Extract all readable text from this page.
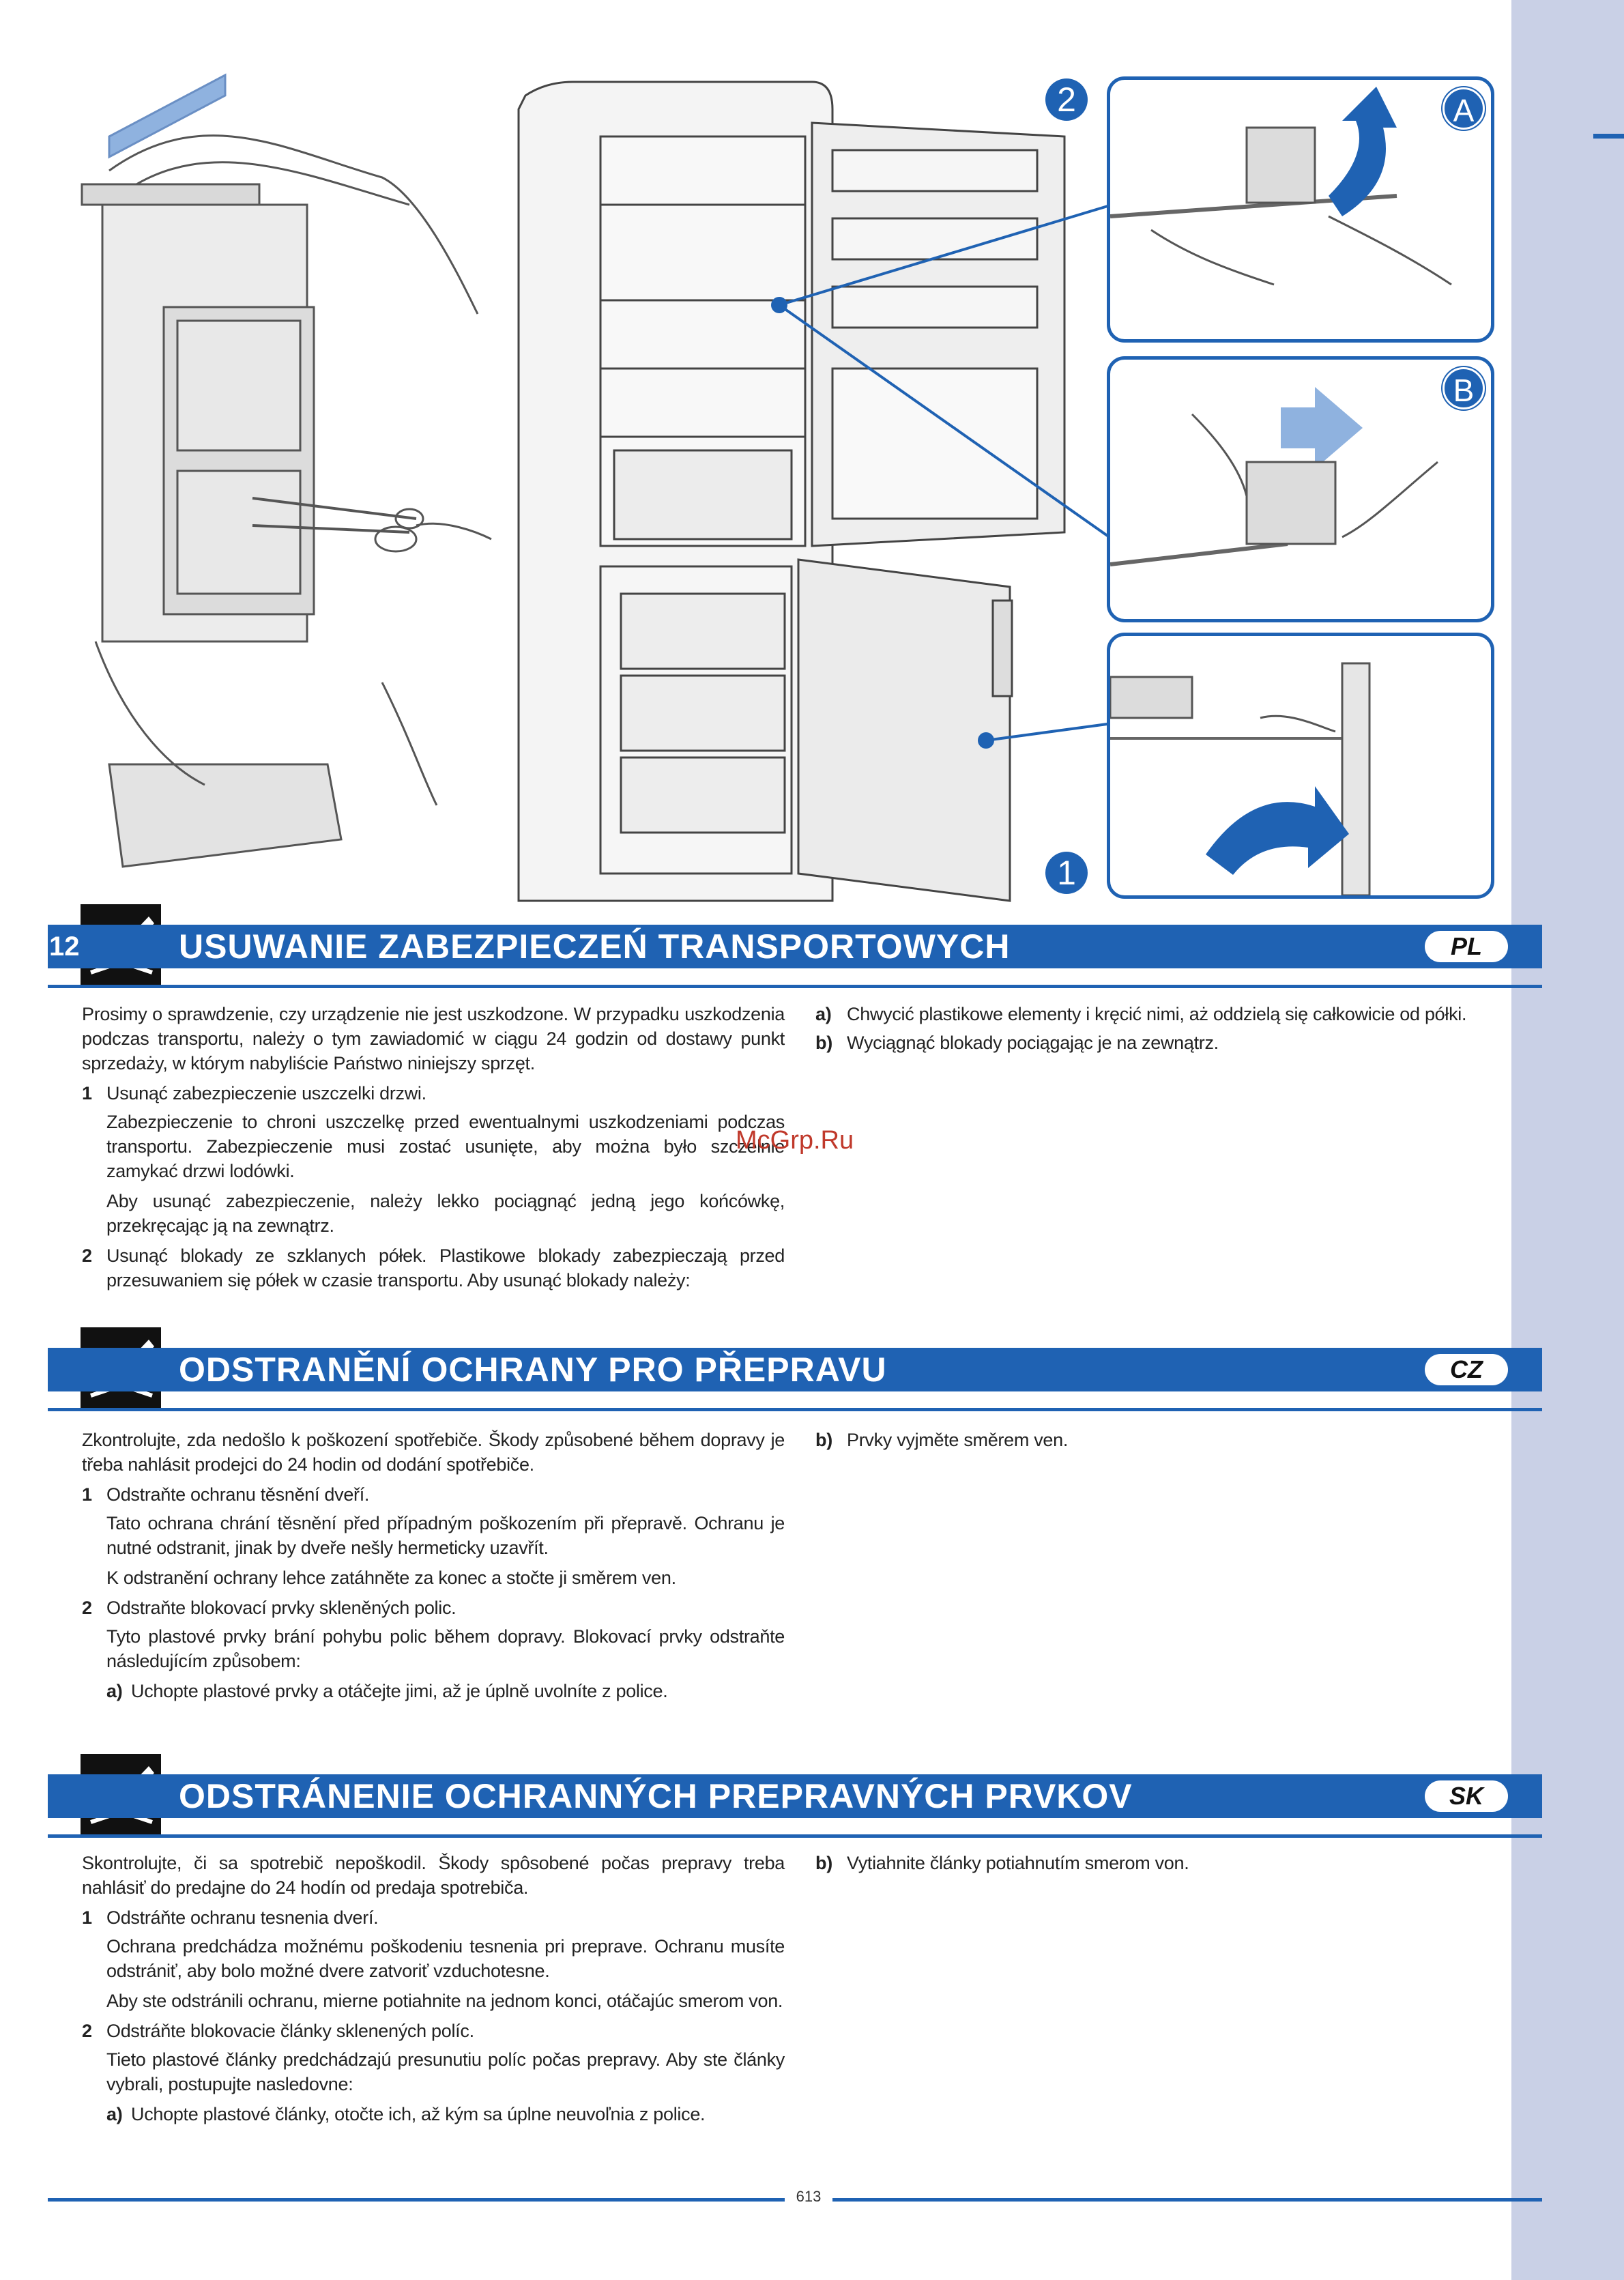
2
1
A
B
USUWANIE ZABEZPIECZEŃ TRANSPORTOWYCH
12	PL

Prosimy o sprawdzenie, czy urządzenie nie jest uszkodzone. W przypadku uszkodzenia podczas transportu, należy o tym zawiadomić w ciągu 24 godzin od dostawy punkt sprzedaży, w którym nabyliście Państwo niniejszy sprzęt.

1 Usunąć zabezpieczenie uszczelki drzwi.

Zabezpieczenie to chroni uszczelkę przed ewentualnymi uszkodzeniami podczas transportu. Zabezpieczenie musi zostać usunięte, aby można było szczelnie zamykać drzwi lodówki.

Aby usunąć zabezpieczenie, należy lekko pociągnąć jedną jego końcówkę, przekręcając ją na zewnątrz.

2 Usunąć blokady ze szklanych półek. Plastikowe blokady zabezpieczają przed przesuwaniem się półek w czasie transportu. Aby usunąć blokady należy:
a) Chwycić plastikowe elementy i kręcić nimi, aż oddzielą się całkowicie od półki.
b) Wyciągnąć blokady pociągając je na zewnątrz.
McGrp.Ru
ODSTRANĚNÍ OCHRANY PRO PŘEPRAVU	CZ

Zkontrolujte, zda nedošlo k poškození spotřebiče. Škody způsobené během dopravy je třeba nahlásit prodejci do 24 hodin od dodání spotřebiče.

1 Odstraňte ochranu těsnění dveří.

Tato ochrana chrání těsnění před případným poškozením při přepravě. Ochranu je nutné odstranit, jinak by dveře nešly hermeticky uzavřít.

K odstranění ochrany lehce zatáhněte za konec a stočte ji směrem ven.

2 Odstraňte blokovací prvky skleněných polic.

Tyto plastové prvky brání pohybu polic během dopravy. Blokovací prvky odstraňte následujícím způsobem:

a) Uchopte plastové prvky a otáčejte jimi, až je úplně uvolníte z police.
b) Prvky vyjměte směrem ven.
ODSTRÁNENIE OCHRANNÝCH PREPRAVNÝCH PRVKOV	SK

Skontrolujte, či sa spotrebič nepoškodil. Škody spôsobené počas prepravy treba nahlásiť do predajne do 24 hodín od predaja spotrebiča.

1 Odstráňte ochranu tesnenia dverí.

Ochrana predchádza možnému poškodeniu tesnenia pri preprave. Ochranu musíte odstrániť, aby bolo možné dvere zatvoriť vzduchotesne.

Aby ste odstránili ochranu, mierne potiahnite na jednom konci, otáčajúc smerom von.

2 Odstráňte blokovacie články sklenených políc.

Tieto plastové články predchádzajú presunutiu políc počas prepravy. Aby ste články vybrali, postupujte nasledovne:

a) Uchopte plastové články, otočte ich, až kým sa úplne neuvoľnia z police.
b) Vytiahnite články potiahnutím smerom von.
613
